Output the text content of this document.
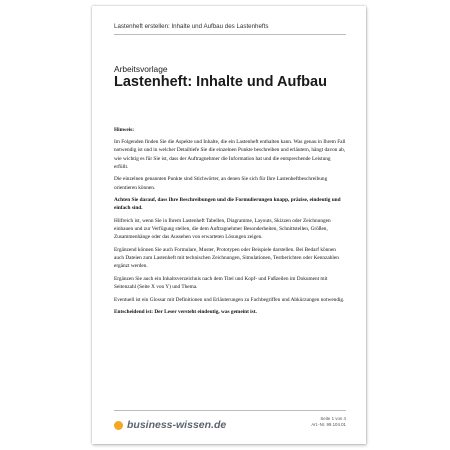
Lastenheft erstellen: Inhalte und Aufbau des Lastenhefts
Arbeitsvorlage
Lastenheft: Inhalte und Aufbau

Hinweis:

Im Folgenden finden Sie die Aspekte und Inhalte, die ein Lastenheft enthalten kann. Was genau in Ihrem Fall notwendig ist und in welcher Detailtiefe Sie die einzelnen Punkte beschreiben und erläutern, hängt davon ab, wie wichtig es für Sie ist, dass der Auftragnehmer die Information hat und die entsprechende Leistung erfüllt.

Die einzelnen genannten Punkte sind Stichwörter, an denen Sie sich für Ihre Lastenheftbeschreibung orientieren können.

Achten Sie darauf, dass Ihre Beschreibungen und die Formulierungen knapp, präzise, eindeutig und einfach sind.

Hilfreich ist, wenn Sie in Ihrem Lastenheft Tabellen, Diagramme, Layouts, Skizzen oder Zeichnungen einbauen und zur Verfügung stellen, die dem Auftragnehmer Besonderheiten, Schnittstellen, Größen, Zusammenhänge oder das Aussehen von erwarteten Lösungen zeigen.

Ergänzend können Sie auch Formulare, Muster, Prototypen oder Beispiele darstellen. Bei Bedarf können auch Dateien zum Lastenheft mit technischen Zeichnungen, Simulationen, Testberichten oder Kennzahlen ergänzt werden.

Ergänzen Sie auch ein Inhaltsverzeichnis nach dem Titel und Kopf- und Fußzeilen im Dokument mit Seitenzahl (Seite X von Y) und Thema.

Eventuell ist ein Glossar mit Definitionen und Erläuterungen zu Fachbegriffen und Abkürzungen notwendig.

Entscheidend ist: Der Leser versteht eindeutig, was gemeint ist.

business-wissen.de
Seite 1 von 4
Art.-Nr. 99.104.01
